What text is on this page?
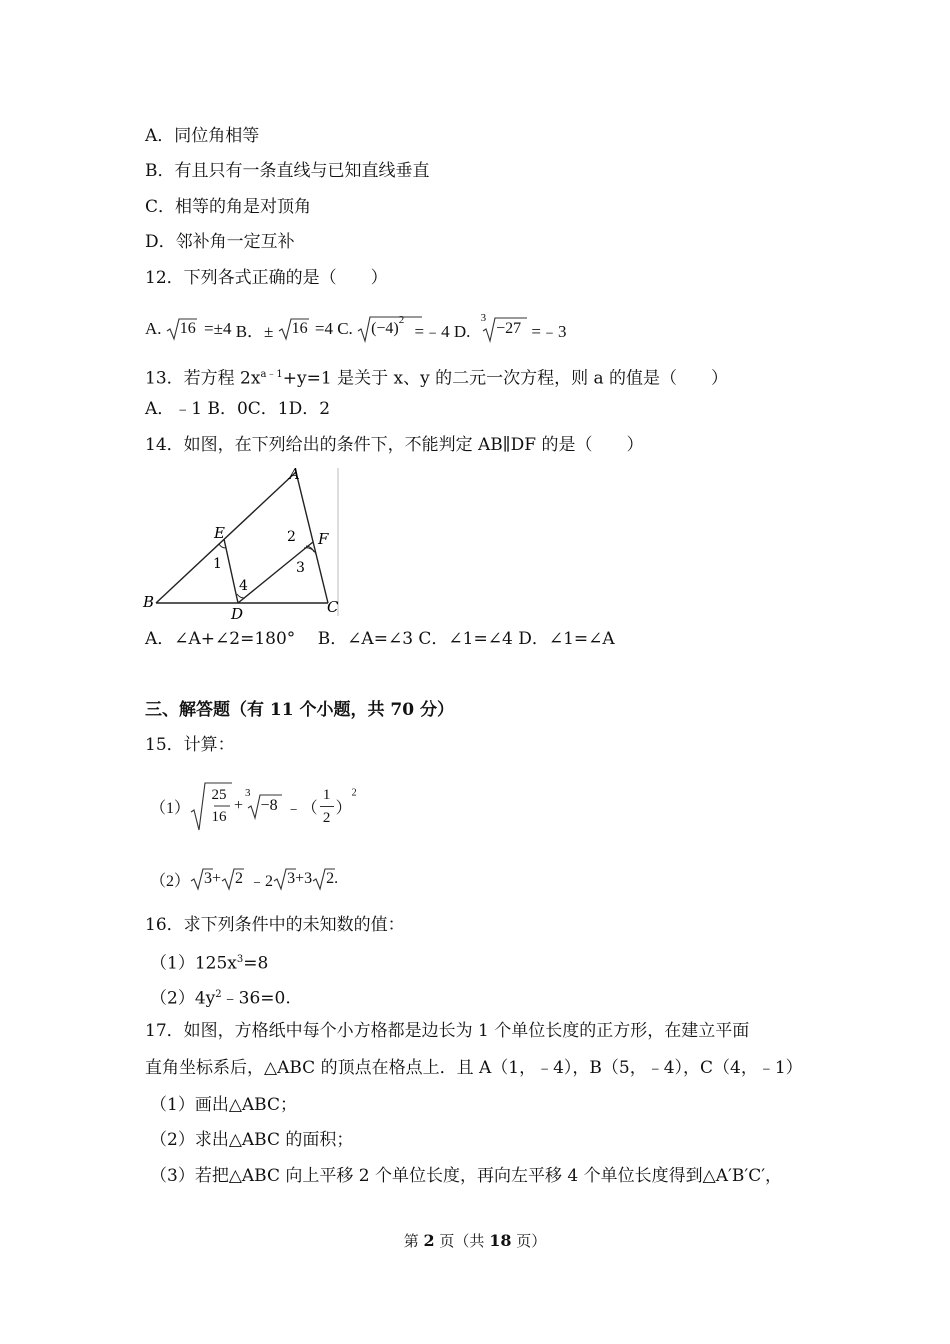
A．同位角相等
B．有且只有一条直线与已知直线垂直
C．相等的角是对顶角
D．邻补角一定互补
12．下列各式正确的是（　　）
A. 16 =±4 B．± 16 =4 C. $(-4)^2$ =﹣4 D. 3−27 =﹣3
13．若方程 $2x^{a﹣1}+y=1$ 是关于 x、y 的二元一次方程，则 a 的值是（　　）
A．﹣1 B．0C．1D．2
14．如图，在下列给出的条件下，不能判定 AB∥DF 的是（　　）
A
B	C
D
E	F
1
2
3
4
A．∠A+∠2=180°　 B．∠A=∠3 C．∠1=∠4 D．∠1=∠A
三、解答题（有 11 个小题，共 70 分）
15．计算：
（1）
25
16
+3−8 ﹣（ $\frac{1}{2} )^2$
（2） 3+ 2 ﹣2 3+3 2.
16．求下列条件中的未知数的值：
$(1)125x^3=8$
$(2)4y^2﹣36=0$.
17．如图，方格纸中每个小方格都是边长为 1 个单位长度的正方形，在建立平面
直角坐标系后，△ABC 的顶点在格点上．且 A（1，﹣4），B（5，﹣4），C（4，﹣1）
（1）画出△ABC；
（2）求出△ABC 的面积；
（3）若把△ABC 向上平移 2 个单位长度，再向左平移 4 个单位长度得到△A′B′C′，
第 2 页（共 18 页）
